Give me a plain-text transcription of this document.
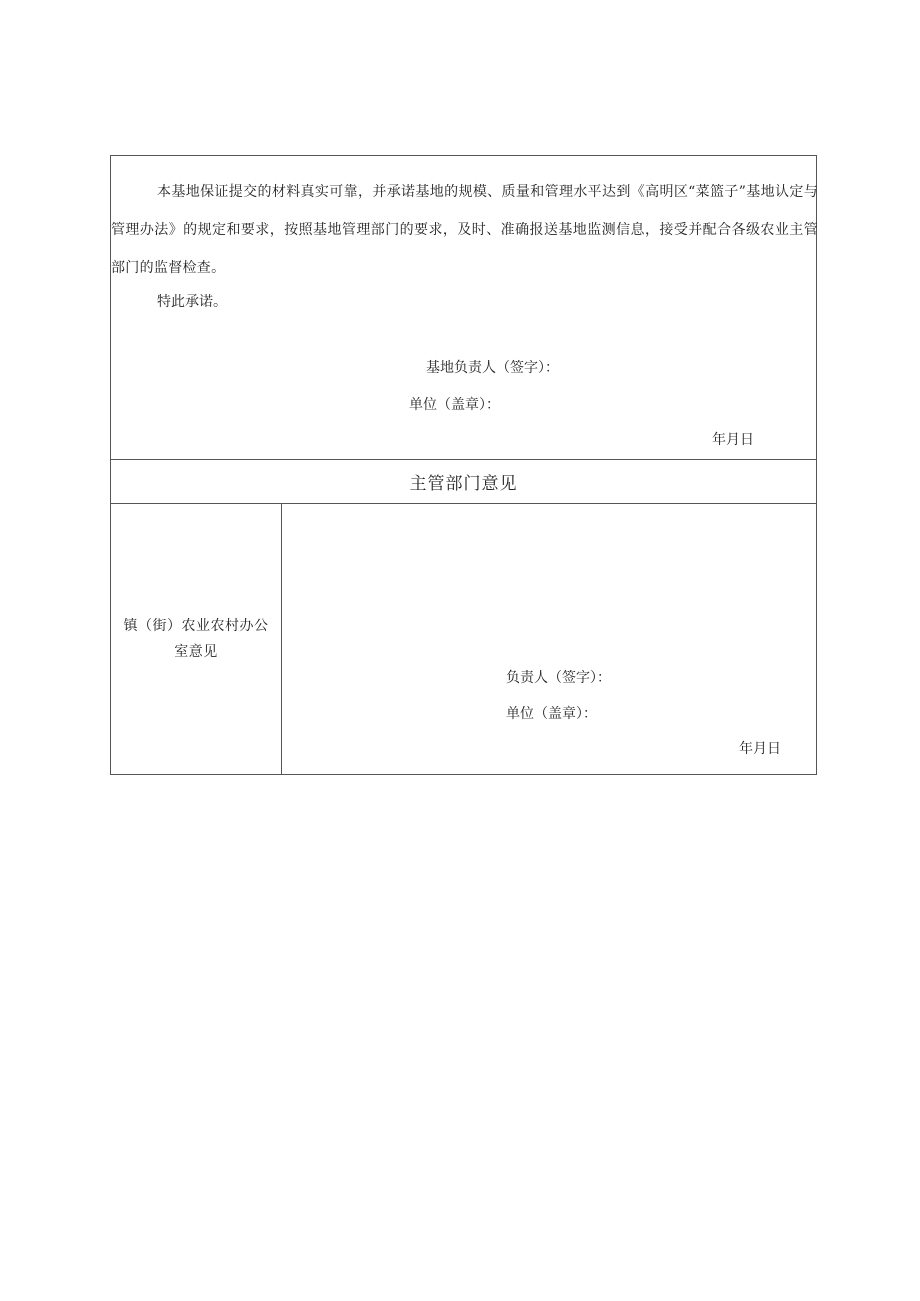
本基地保证提交的材料真实可靠，并承诺基地的规模、质量和管理水平达到《高明区“菜篮子”基地认定与管理办法》的规定和要求，按照基地管理部门的要求，及时、准确报送基地监测信息，接受并配合各级农业主管部门的监督检查。

特此承诺。

基地负责人（签字）：
单位（盖章）：
年月日
主管部门意见
镇（街）农业农村办公室意见
负责人（签字）：
单位（盖章）：
年月日
